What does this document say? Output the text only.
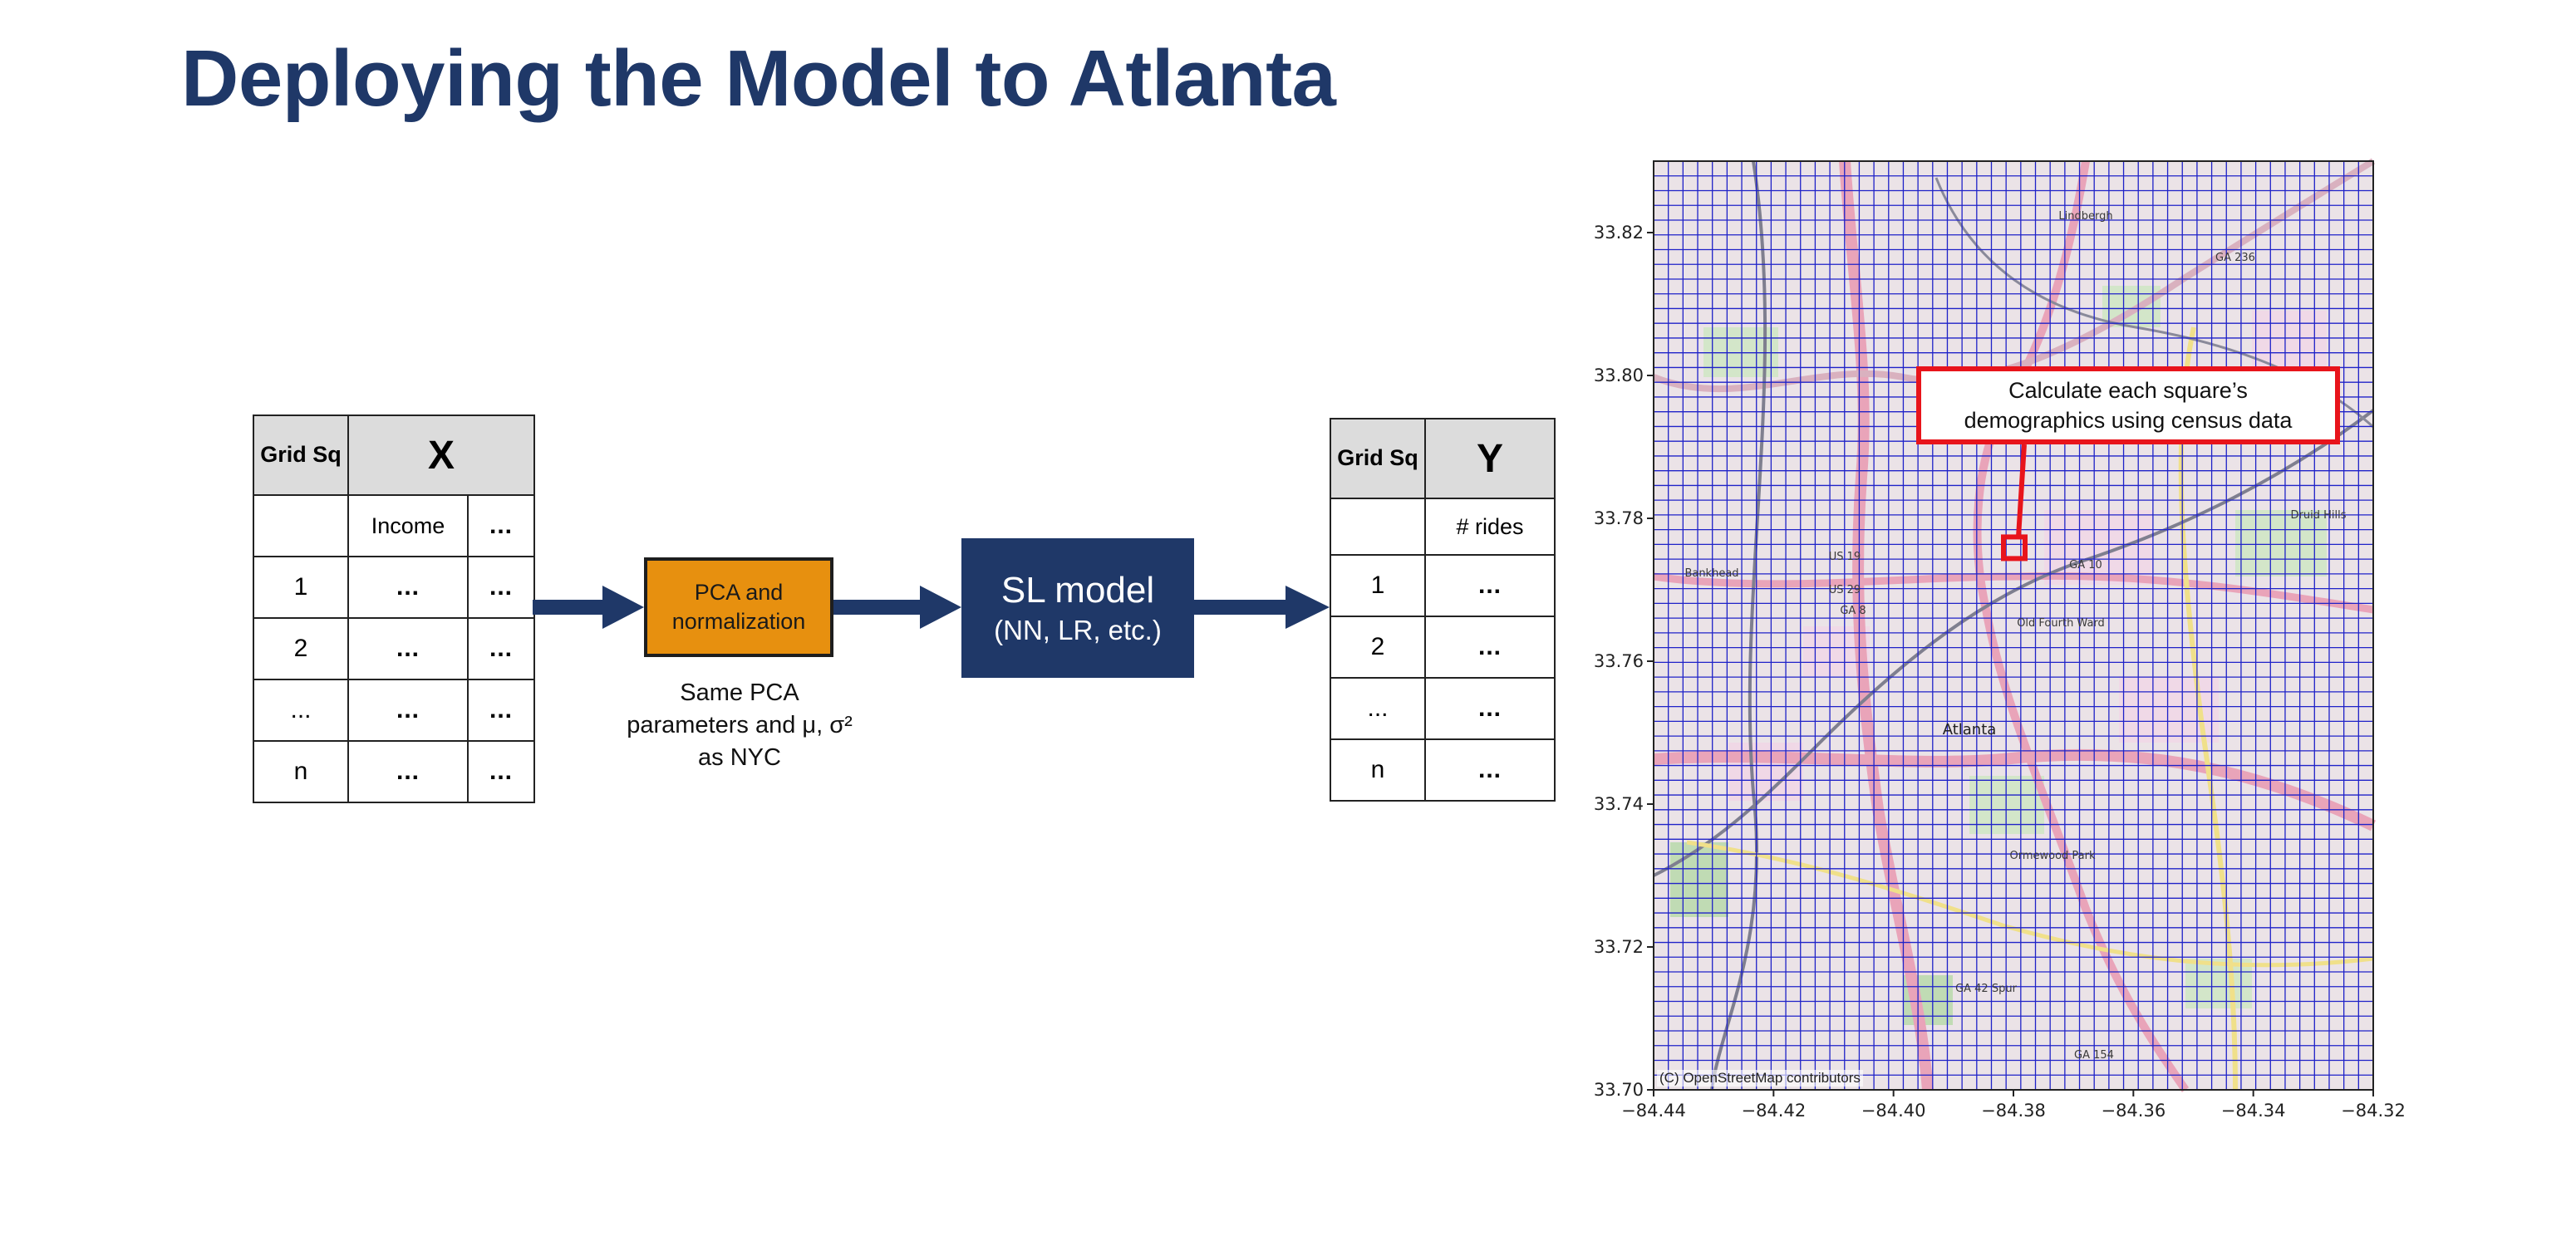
Deploying the Model to Atlanta
Grid Sq	X	
	Income	...
1	...	...
2	...	...
...	...	...
n	...	...
PCA and
normalization
Same PCA
parameters and μ, σ²
as NYC
SL model
(NN, LR, etc.)
Grid Sq	Y
	# rides
1	...
2	...
...	...
n	...
Lindbergh
Druid Hills
Bankhead
Old Fourth Ward
Atlanta
Ormewood Park
GA 42 Spur
GA 10
US 19
US 29
GA 154
GA 236
GA 8
33.82
33.80
33.78
33.76
33.74
33.72
33.70
−84.44	−84.42	−84.40	−84.38	−84.36	−84.34	−84.32
(C) OpenStreetMap contributors
Calculate each square’s
demographics using census data
